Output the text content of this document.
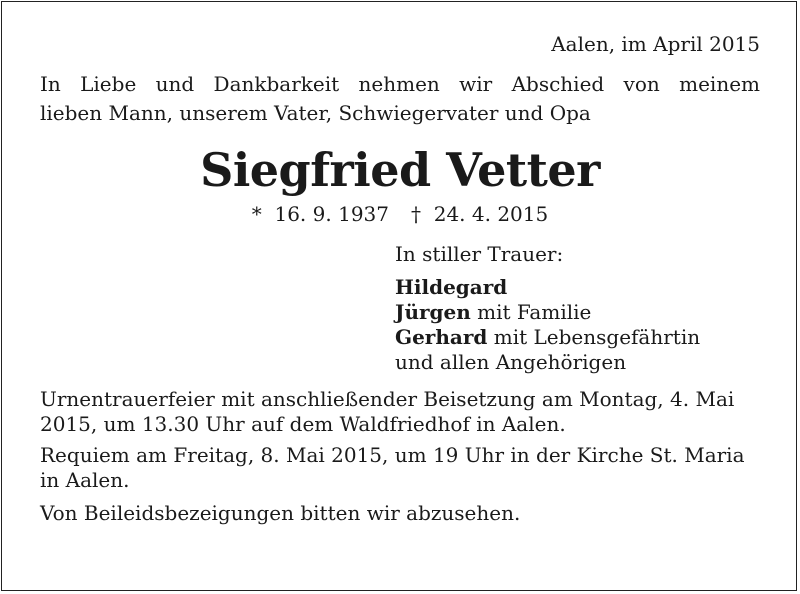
Aalen, im April 2015
In Liebe und Dankbarkeit nehmen wir Abschied von meinem
lieben Mann, unserem Vater, Schwiegervater und Opa
Siegfried Vetter
* 16. 9. 1937 † 24. 4. 2015
In stiller Trauer:
Hildegard
Jürgen mit Familie
Gerhard mit Lebensgefährtin
und allen Angehörigen

Urnentrauerfeier mit anschließender Beisetzung am Montag, 4. Mai 2015, um 13.30 Uhr auf dem Waldfriedhof in Aalen.

Requiem am Freitag, 8. Mai 2015, um 19 Uhr in der Kirche St. Maria in Aalen.

Von Beileidsbezeigungen bitten wir abzusehen.
